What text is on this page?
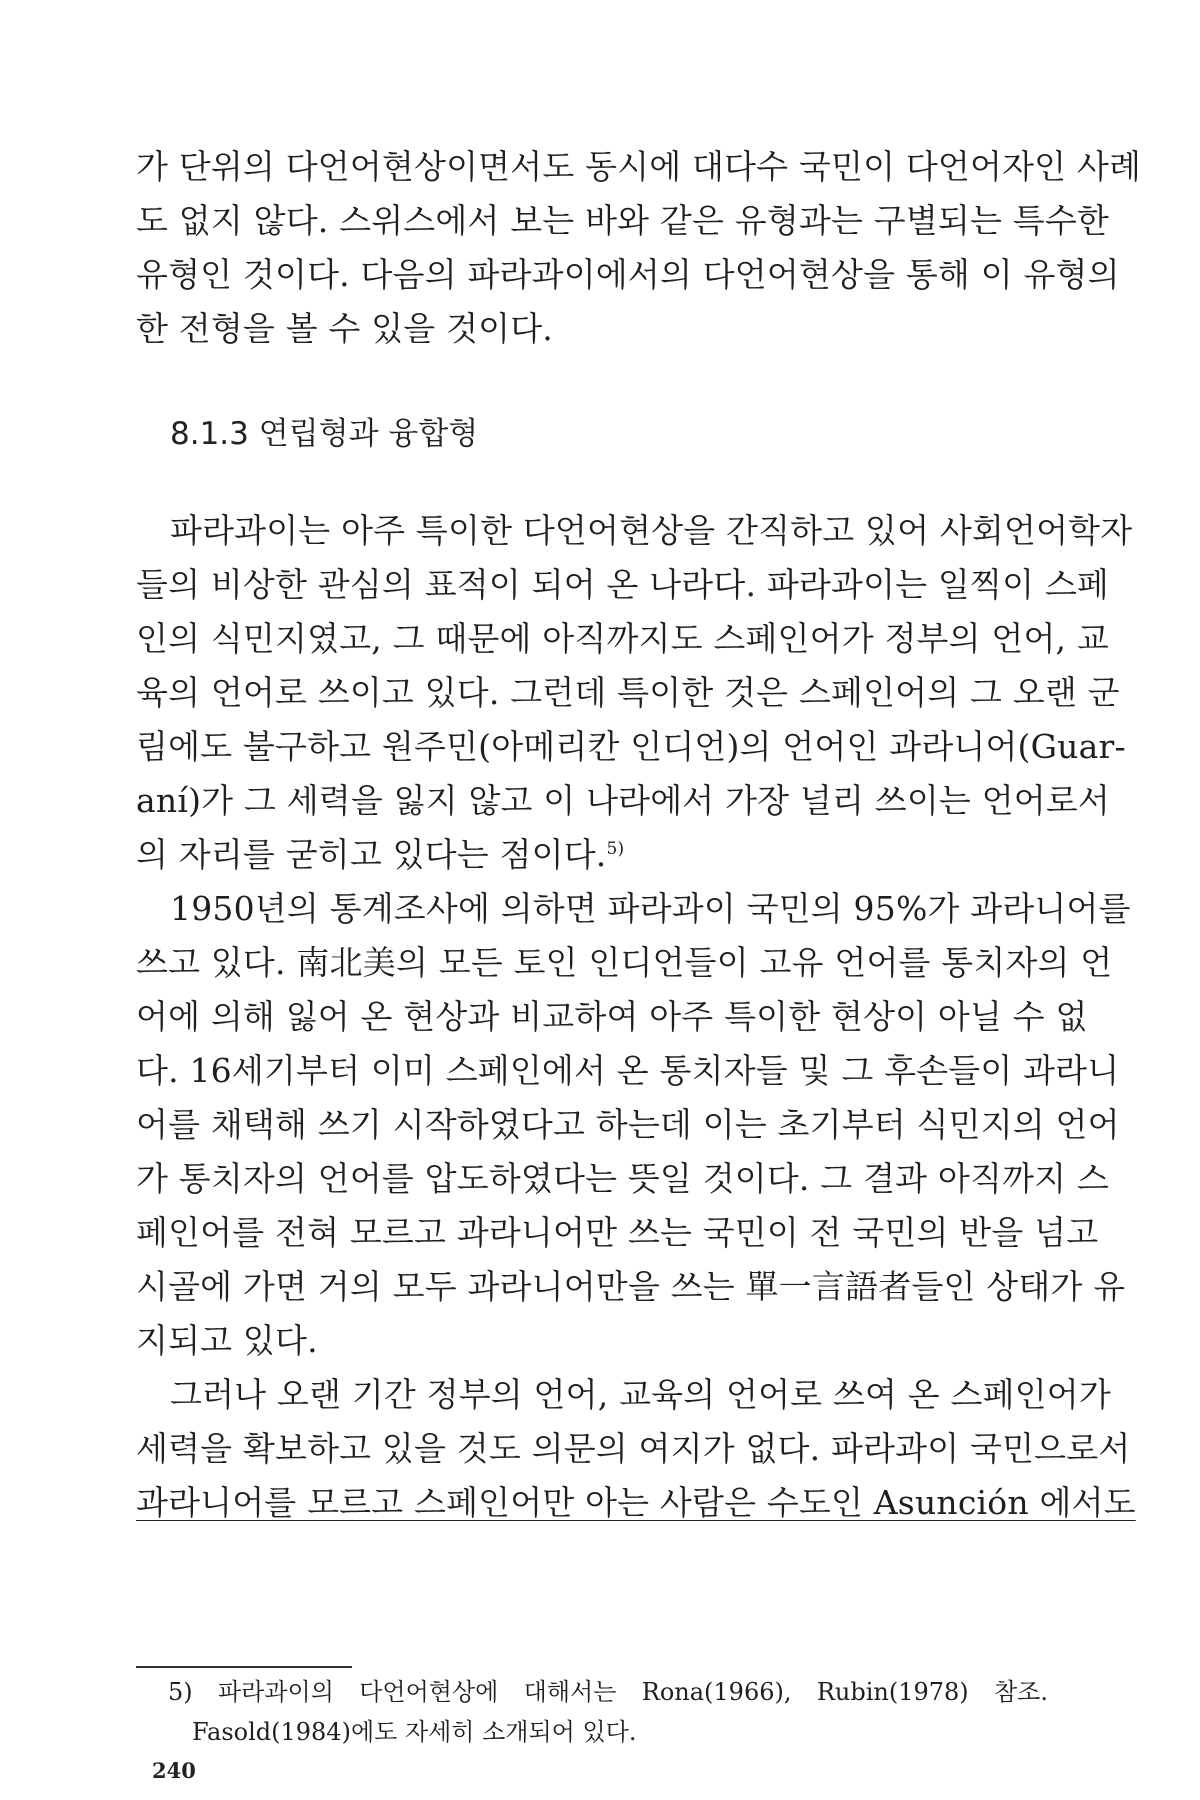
가 단위의 다언어현상이면서도 동시에 대다수 국민이 다언어자인 사례
도 없지 않다. 스위스에서 보는 바와 같은 유형과는 구별되는 특수한
유형인 것이다. 다음의 파라과이에서의 다언어현상을 통해 이 유형의
한 전형을 볼 수 있을 것이다.
8.1.3 연립형과 융합형
파라과이는 아주 특이한 다언어현상을 간직하고 있어 사회언어학자
들의 비상한 관심의 표적이 되어 온 나라다. 파라과이는 일찍이 스페
인의 식민지였고, 그 때문에 아직까지도 스페인어가 정부의 언어, 교
육의 언어로 쓰이고 있다. 그런데 특이한 것은 스페인어의 그 오랜 군
림에도 불구하고 원주민(아메리칸 인디언)의 언어인 과라니어(Guar-
aní)가 그 세력을 잃지 않고 이 나라에서 가장 널리 쓰이는 언어로서
의 자리를 굳히고 있다는 점이다.$^{5)}$
1950년의 통계조사에 의하면 파라과이 국민의 95%가 과라니어를
쓰고 있다. 南北美의 모든 토인 인디언들이 고유 언어를 통치자의 언
어에 의해 잃어 온 현상과 비교하여 아주 특이한 현상이 아닐 수 없
다. 16세기부터 이미 스페인에서 온 통치자들 및 그 후손들이 과라니
어를 채택해 쓰기 시작하였다고 하는데 이는 초기부터 식민지의 언어
가 통치자의 언어를 압도하였다는 뜻일 것이다. 그 결과 아직까지 스
페인어를 전혀 모르고 과라니어만 쓰는 국민이 전 국민의 반을 넘고
시골에 가면 거의 모두 과라니어만을 쓰는 單一言語者들인 상태가 유
지되고 있다.
그러나 오랜 기간 정부의 언어, 교육의 언어로 쓰여 온 스페인어가
세력을 확보하고 있을 것도 의문의 여지가 없다. 파라과이 국민으로서
과라니어를 모르고 스페인어만 아는 사람은 수도인 Asunción 에서도
5) 파라과이의 다언어현상에 대해서는 Rona(1966), Rubin(1978) 참조.
Fasold(1984)에도 자세히 소개되어 있다.
240
